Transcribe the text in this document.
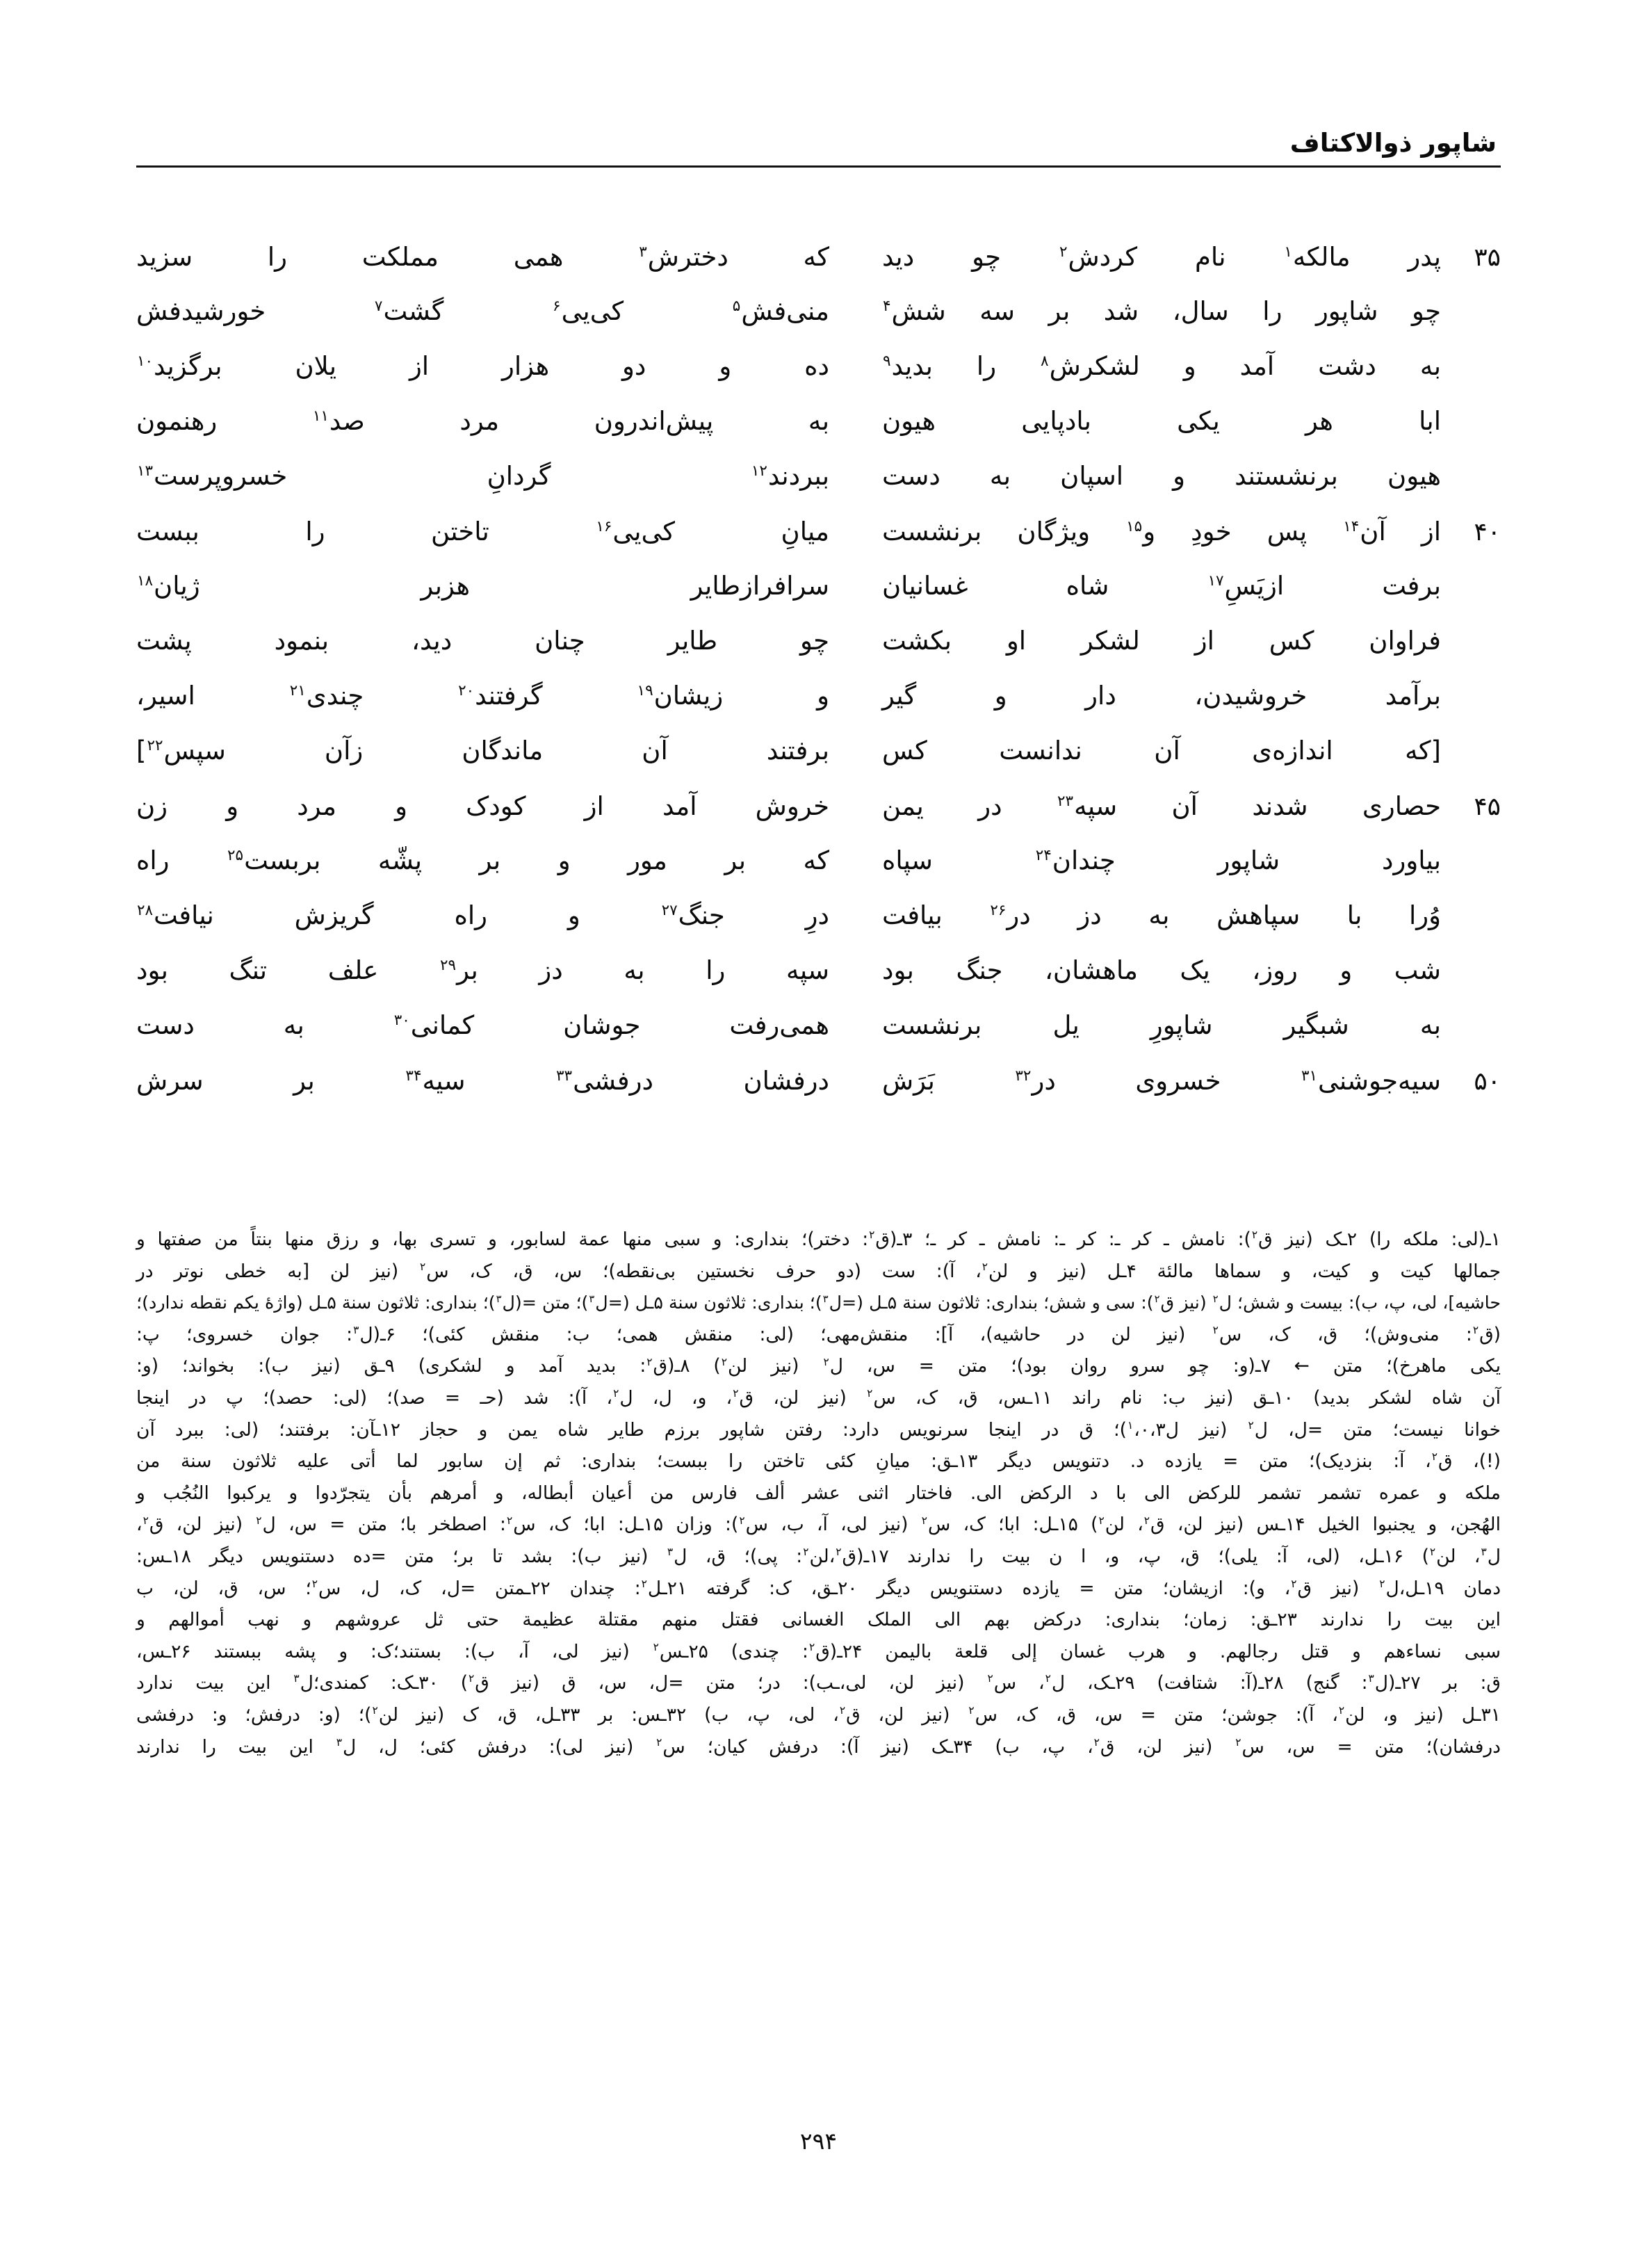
شاپور ذوالاکتاف
۳۵
پدر مالکه$^۱$ نام کردش$^۲$ چو دید
که دخترش$^۳$ همی مملکت را سزید
چو شاپور را سال، شد بر سه شش$^۴$
منی‌فش$^۵$ کی‌یی$^۶$ گشت$^۷$ خورشیدفش
به دشت آمد و لشکرش$^۸$ را بدید$^۹$
ده و دو هزار از یلان برگزید$^{۱۰}$
ابا هر یکی بادپایی هیون
به پیش‌اندرون مرد صد$^{۱۱}$ رهنمون
هیون برنشستند و اسپان به دست
ببردند$^{۱۲}$ گردانِ خسروپرست$^{۱۳}$
۴۰
از آن$^{۱۴}$ پس خودِ و$^{۱۵}$ ویژگان برنشست
میانِ کی‌یی$^{۱۶}$ تاختن را ببست
برفت ازیَسِ$^{۱۷}$ شاه غسانیان
سرافرازطایر هزبر ژیان$^{۱۸}$
فراوان کس از لشکر او بکشت
چو طایر چنان دید، بنمود پشت
برآمد خروشیدن، دار و گیر
و زیشان$^{۱۹}$ گرفتند$^{۲۰}$ چندی$^{۲۱}$ اسیر،
[که اندازه‌ی آن ندانست کس
برفتند آن ماندگان زآن سپس$^{۲۲}$]
۴۵
حصاری شدند آن سپه$^{۲۳}$ در یمن
خروش آمد از کودک و مرد و زن
بیاورد شاپور چندان$^{۲۴}$ سپاه
که بر مور و بر پشّه بربست$^{۲۵}$ راه
وُرا با سپاهش به دز در$^{۲۶}$ بیافت
درِ جنگ$^{۲۷}$ و راه گریزش نیافت$^{۲۸}$
شب و روز، یک ماهشان، جنگ بود
سپه را به دز بر$^{۲۹}$ علف تنگ بود
به شبگیر شاپورِ یل برنشست
همی‌رفت جوشان کمانی$^{۳۰}$ به دست
۵۰
سیه‌جوشنی$^{۳۱}$ خسروی در$^{۳۲}$ بَرَش
درفشان درفشی$^{۳۳}$ سیه$^{۳۴}$ بر سرش
۱ـ(لی: ملکه را) ۲ـک (نیز ق$^۲$): نامش ـ کر ـ: کر ـ: نامش ـ کر ـ؛ ۳ـ(ق$^۲$: دختر)؛ بنداری: و سبی منها عمة لسابور، و تسری بها، و رزق منها بنتاً من صفتها و
جمالها کیت و کیت، و سماها مالئة ۴ـل (نیز و لن$^۲$، آ): ست (دو حرف نخستین بی‌نقطه)؛ س، ق، ک، س$^۲$ (نیز لن [به خطی نوتر در
حاشیه]، لی، پ، ب): بیست و شش؛ ل$^۲$ (نیز ق$^۲$): سی و شش؛ بنداری: ثلاثون سنة ۵ـل (=ل$^۳$)؛ بنداری: ثلاثون سنة ۵ـل (=ل$^۳$)؛ متن =(ل$^۳$)؛ بنداری: ثلاثون سنة ۵ـل (واژهٔ یکم نقطه ندارد)؛
(ق$^۲$: منی‌وش)؛ ق، ک، س$^۲$ (نیز لن در حاشیه)، آ]: منقش‌مهی؛ (لی: منقش همی؛ ب: منقش کئی)؛ ۶ـ(ل$^۳$: جوان خسروی؛ پ:
یکی ماهرخ)؛ متن ← ۷ـ(و: چو سرو روان بود)؛ متن = س، ل$^۲$ (نیز لن$^۲$) ۸ـ(ق$^۲$: بدید آمد و لشکری) ۹ـق (نیز ب): بخواند؛ (و:
آن شاه لشکر بدید) ۱۰ـق (نیز ب: نام راند ۱۱ـس، ق، ک، س$^۲$ (نیز لن، ق$^۲$، و، ل، ل$^۲$، آ): شد (حـ = صد)؛ (لی: حصد)؛ پ در اینجا
خوانا نیست؛ متن =ل، ل$^۲$ (نیز ل$^۱$،۰،۳)؛ ق در اینجا سرنویس دارد: رفتن شاپور برزم طایر شاه یمن و حجاز ۱۲ـآن: برفتند؛ (لی: ببرد آن
(!)، ق$^۲$، آ: بنزدیک)؛ متن = یازده د. دتنویس دیگر ۱۳ـق: میانِ کئی تاختن را ببست؛ بنداری: ثم إن سابور لما أتی علیه ثلاثون سنة من
ملکه و عمره تشمر تشمر للرکض الی با د الرکض الی. فاختار اثنی عشر ألف فارس من أعیان أبطاله، و أمرهم بأن یتجرّدوا و یرکبوا النُجُب و
الهُجن، و یجنبوا الخیل ۱۴ـس (نیز لن، ق$^۲$، لن$^۲$) ۱۵ـل: ابا؛ ک، س$^۲$ (نیز لی، آ، ب، س$^۲$): وزان ۱۵ـل: ابا؛ ک، س$^۲$: اصطخر با؛ متن = س، ل$^۲$ (نیز لن، ق$^۲$،
ل$^۳$، لن$^۲$) ۱۶ـل، (لی، آ: یلی)؛ ق، پ، و، ا ن بیت را ندارند ۱۷ـ(ق$^۲$،لن$^۲$: پی)؛ ق، ل$^۳$ (نیز ب): بشد تا بر؛ متن =ده دستنویس دیگر ۱۸ـس:
دمان ۱۹ـل،ل$^۲$ (نیز ق$^۲$، و): ازیشان؛ متن = یازده دستنویس دیگر ۲۰ـق، ک: گرفته ۲۱ـل$^۲$: چندان ۲۲ـمتن =ل، ک، ل، س$^۲$؛ س، ق، لن، ب
این بیت را ندارند ۲۳ـق: زمان؛ بنداری: درکض بهم الی الملک الغسانی فقتل منهم مقتلة عظیمة حتی ثل عروشهم و نهب أموالهم و
سبی نساءهم و قتل رجالهم. و هرب غسان إلی قلعة بالیمن ۲۴ـ(ق$^۲$: چندی) ۲۵ـس$^۲$ (نیز لی، آ، ب): بستند؛ک: و پشه ببستند ۲۶ـس،
ق: بر ۲۷ـ(ل$^۳$: گنج) ۲۸ـ(آ: شتافت) ۲۹ـک، ل$^۲$، س$^۲$ (نیز لن، لی،ـب): در؛ متن =ل، س، ق (نیز ق$^۲$) ۳۰ـک: کمندی؛ل$^۳$ این بیت ندارد
۳۱ـل (نیز و، لن$^۲$، آ): جوشن؛ متن = س، ق، ک، س$^۲$ (نیز لن، ق$^۲$، لی، پ، ب) ۳۲ـس: بر ۳۳ـل، ق، ک (نیز لن$^۲$)؛ (و: درفش؛ و: درفشی
درفشان)؛ متن = س، س$^۲$ (نیز لن، ق$^۲$، پ، ب) ۳۴ـک (نیز آ): درفش کیان؛ س$^۲$ (نیز لی): درفش کئی؛ ل، ل$^۳$ این بیت را ندارند
۲۹۴
